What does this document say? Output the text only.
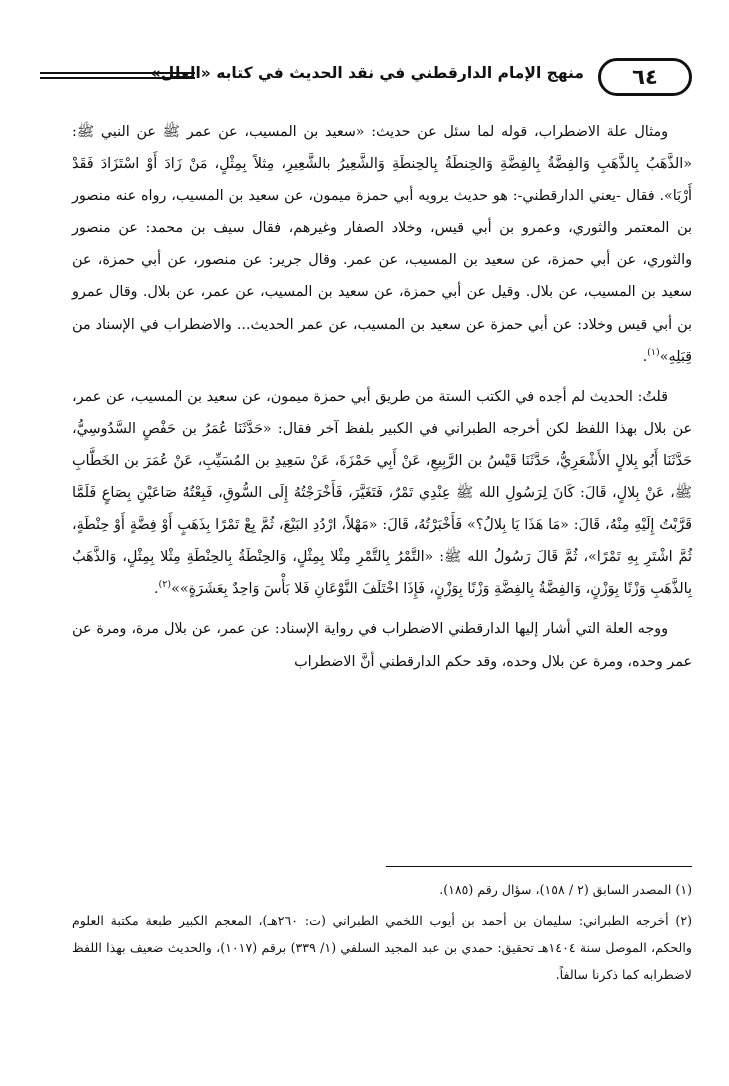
٦٤
منهج الإمام الدارقطني في نقد الحديث في كتابه «العلل»

ومثال علة الاضطراب، قوله لما سئل عن حديث: «سعيد بن المسيب، عن عمر ﷺ عن النبي ﷺ: «الذَّهَبُ بِالذَّهَبِ وَالفِضَّةُ بِالفِضَّةِ وَالحِنطَةُ بِالحِنطَةِ وَالشَّعِيرُ بالشَّعِيرِ، مِثلاً بِمِثْلٍ، مَنْ زَادَ أَوْ اسْتَزَادَ فَقَدْ أَرْبَا». فقال -يعني الدارقطني-: هو حديث يرويه أبي حمزة ميمون، عن سعيد بن المسيب، رواه عنه منصور بن المعتمر والثوري، وعمرو بن أبي قيس، وخلاد الصفار وغيرهم، فقال سيف بن محمد: عن منصور والثوري، عن أبي حمزة، عن سعيد بن المسيب، عن عمر. وقال جرير: عن منصور، عن أبي حمزة، عن سعيد بن المسيب، عن بلال. وقيل عن أبي حمزة، عن سعيد بن المسيب، عن عمر، عن بلال. وقال عمرو بن أبي قيس وخلاد: عن أبي حمزة عن سعيد بن المسيب، عن عمر الحديث... والاضطراب في الإسناد من قِبَلِهِ»$^{(١)}$.

قلتُ: الحديث لم أجده في الكتب الستة من طريق أبي حمزة ميمون، عن سعيد بن المسيب، عن عمر، عن بلال بهذا اللفظ لكن أخرجه الطبراني في الكبير بلفظ آخر فقال: «حَدَّثَنَا عُمَرُ بن حَفْصٍ السَّدُوسِيُّ، حَدَّثَنَا أَبُو بِلالٍ الأَشْعَرِيُّ، حَدَّثَنَا قَيْسُ بن الرَّبِيعِ، عَنْ أَبِي حَمْزَةَ، عَنْ سَعِيدِ بن المُسَيِّبِ، عَنْ عُمَرَ بن الخَطَّابِ ﷺ، عَنْ بِلالٍ، قَالَ: كَانَ لِرَسُولِ الله ﷺ عِنْدِي تَمْرٌ، فَتَغَيَّرَ، فَأَخْرَجْتُهُ إِلَى السُّوقِ، فَبِعْتُهُ صَاعَيْنِ بِصَاعٍ فَلَمَّا قَرَّبْتُ إِلَيْهِ مِنْهُ، قَالَ: «مَا هَذَا يَا بِلالُ؟» فَأَخْبَرْتُهُ، قَالَ: «مَهْلاً، ارْدُدِ البَيْعَ، ثُمَّ بِعْ تَمْرًا بِذَهَبٍ أَوْ فِضَّةٍ أَوْ حِنْطَةٍ، ثُمَّ اشْتَرِ بِهِ تَمْرًا»، ثُمَّ قَالَ رَسُولُ الله ﷺ: «التَّمْرُ بِالتَّمْرِ مِثْلا بِمِثْلٍ، وَالحِنْطَةُ بِالحِنْطَةِ مِثْلا بِمِثْلٍ، وَالذَّهَبُ بِالذَّهَبِ وَزْنًا بِوَزْنٍ، وَالفِضَّةُ بِالفِضَّةِ وَزْنًا بِوَزْنٍ، فَإِذَا اخْتَلَفَ النَّوْعَانِ فَلا بَأْسَ وَاحِدٌ بِعَشَرَةٍ»»$^{(٢)}$.

ووجه العلة التي أشار إليها الدارقطني الاضطراب في رواية الإسناد: عن عمر، عن بلال مرة، ومرة عن عمر وحده، ومرة عن بلال وحده، وقد حكم الدارقطني أنَّ الاضطراب

(١) المصدر السابق (٢ / ١٥٨)، سؤال رقم (١٨٥).

(٢) أخرجه الطبراني: سليمان بن أحمد بن أيوب اللخمي الطبراني (ت: ٢٦٠هـ)، المعجم الكبير طبعة مكتبة العلوم والحكم، الموصل سنة ١٤٠٤هـ تحقيق: حمدي بن عبد المجيد السلفي (١/ ٣٣٩) برقم (١٠١٧)، والحديث ضعيف بهذا اللفظ لاضطرابه كما ذكرنا سالفاً.
